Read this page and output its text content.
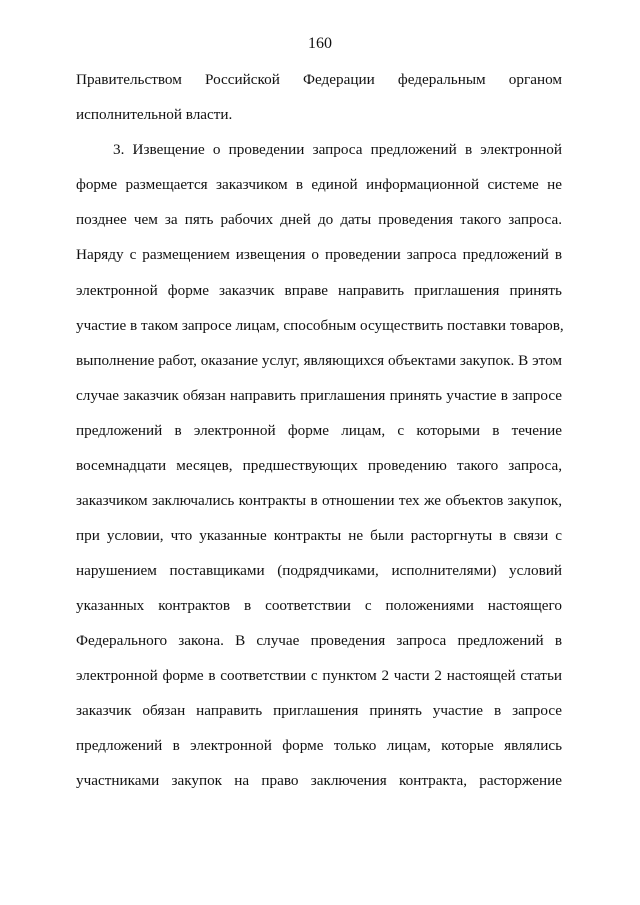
160
Правительством Российской Федерации федеральным органом
исполнительной власти.
3. Извещение о проведении запроса предложений в электронной
форме размещается заказчиком в единой информационной системе не
позднее чем за пять рабочих дней до даты проведения такого запроса.
Наряду с размещением извещения о проведении запроса предложений в
электронной форме заказчик вправе направить приглашения принять
участие в таком запросе лицам, способным осуществить поставки товаров,
выполнение работ, оказание услуг, являющихся объектами закупок. В этом
случае заказчик обязан направить приглашения принять участие в запросе
предложений в электронной форме лицам, с которыми в течение
восемнадцати месяцев, предшествующих проведению такого запроса,
заказчиком заключались контракты в отношении тех же объектов закупок,
при условии, что указанные контракты не были расторгнуты в связи с
нарушением поставщиками (подрядчиками, исполнителями) условий
указанных контрактов в соответствии с положениями настоящего
Федерального закона. В случае проведения запроса предложений в
электронной форме в соответствии с пунктом 2 части 2 настоящей статьи
заказчик обязан направить приглашения принять участие в запросе
предложений в электронной форме только лицам, которые являлись
участниками закупок на право заключения контракта, расторжение
